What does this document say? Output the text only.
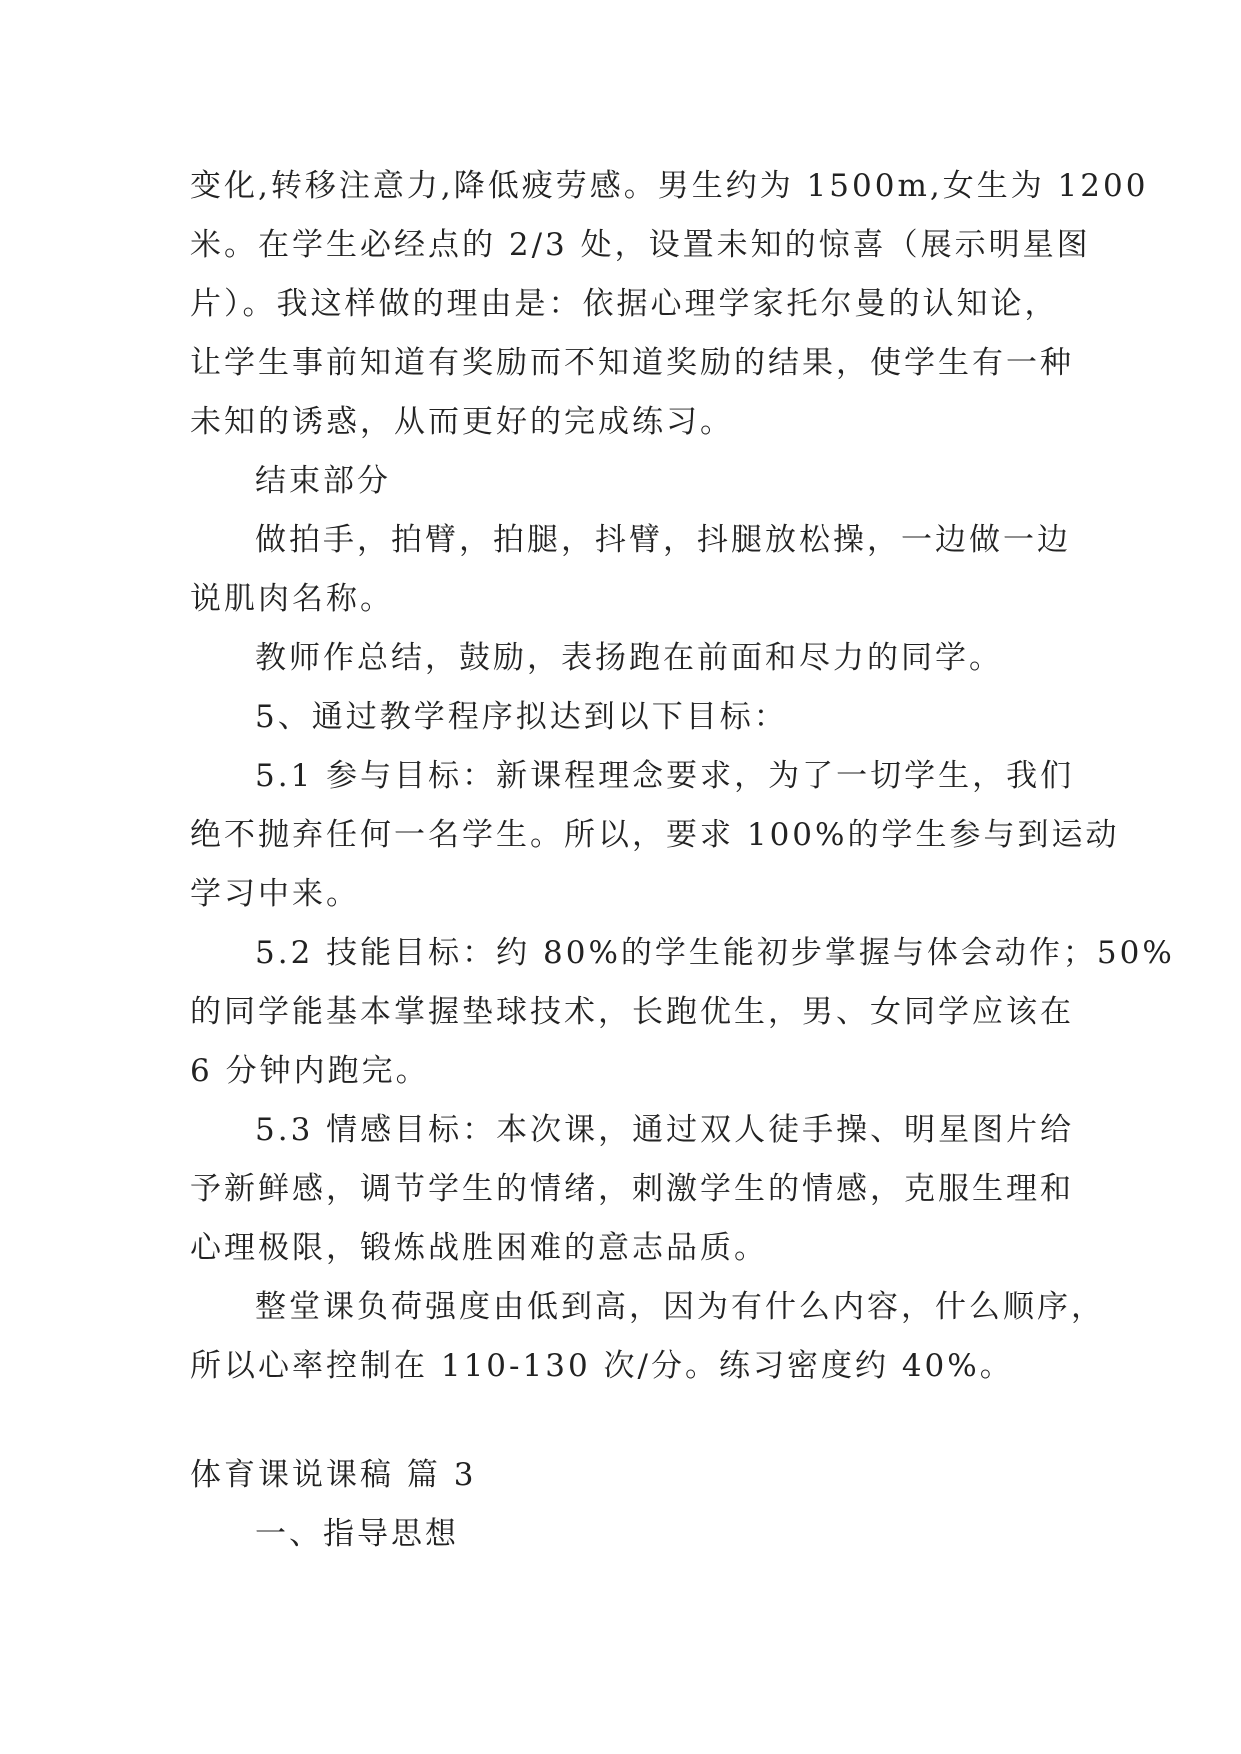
变化,转移注意力,降低疲劳感。男生约为 1500m,女生为 1200
米。在学生必经点的 2/3 处，设置未知的惊喜（展示明星图
片）。我这样做的理由是：依据心理学家托尔曼的认知论，
让学生事前知道有奖励而不知道奖励的结果，使学生有一种
未知的诱惑，从而更好的完成练习。
结束部分
做拍手，拍臂，拍腿，抖臂，抖腿放松操，一边做一边
说肌肉名称。
教师作总结，鼓励，表扬跑在前面和尽力的同学。
5、通过教学程序拟达到以下目标：
5.1 参与目标：新课程理念要求，为了一切学生，我们
绝不抛弃任何一名学生。所以，要求 100%的学生参与到运动
学习中来。
5.2 技能目标：约 80%的学生能初步掌握与体会动作；50%
的同学能基本掌握垫球技术，长跑优生，男、女同学应该在
6 分钟内跑完。
5.3 情感目标：本次课，通过双人徒手操、明星图片给
予新鲜感，调节学生的情绪，刺激学生的情感，克服生理和
心理极限，锻炼战胜困难的意志品质。
整堂课负荷强度由低到高，因为有什么内容，什么顺序，
所以心率控制在 110-130 次/分。练习密度约 40%。
体育课说课稿 篇 3
一、指导思想
